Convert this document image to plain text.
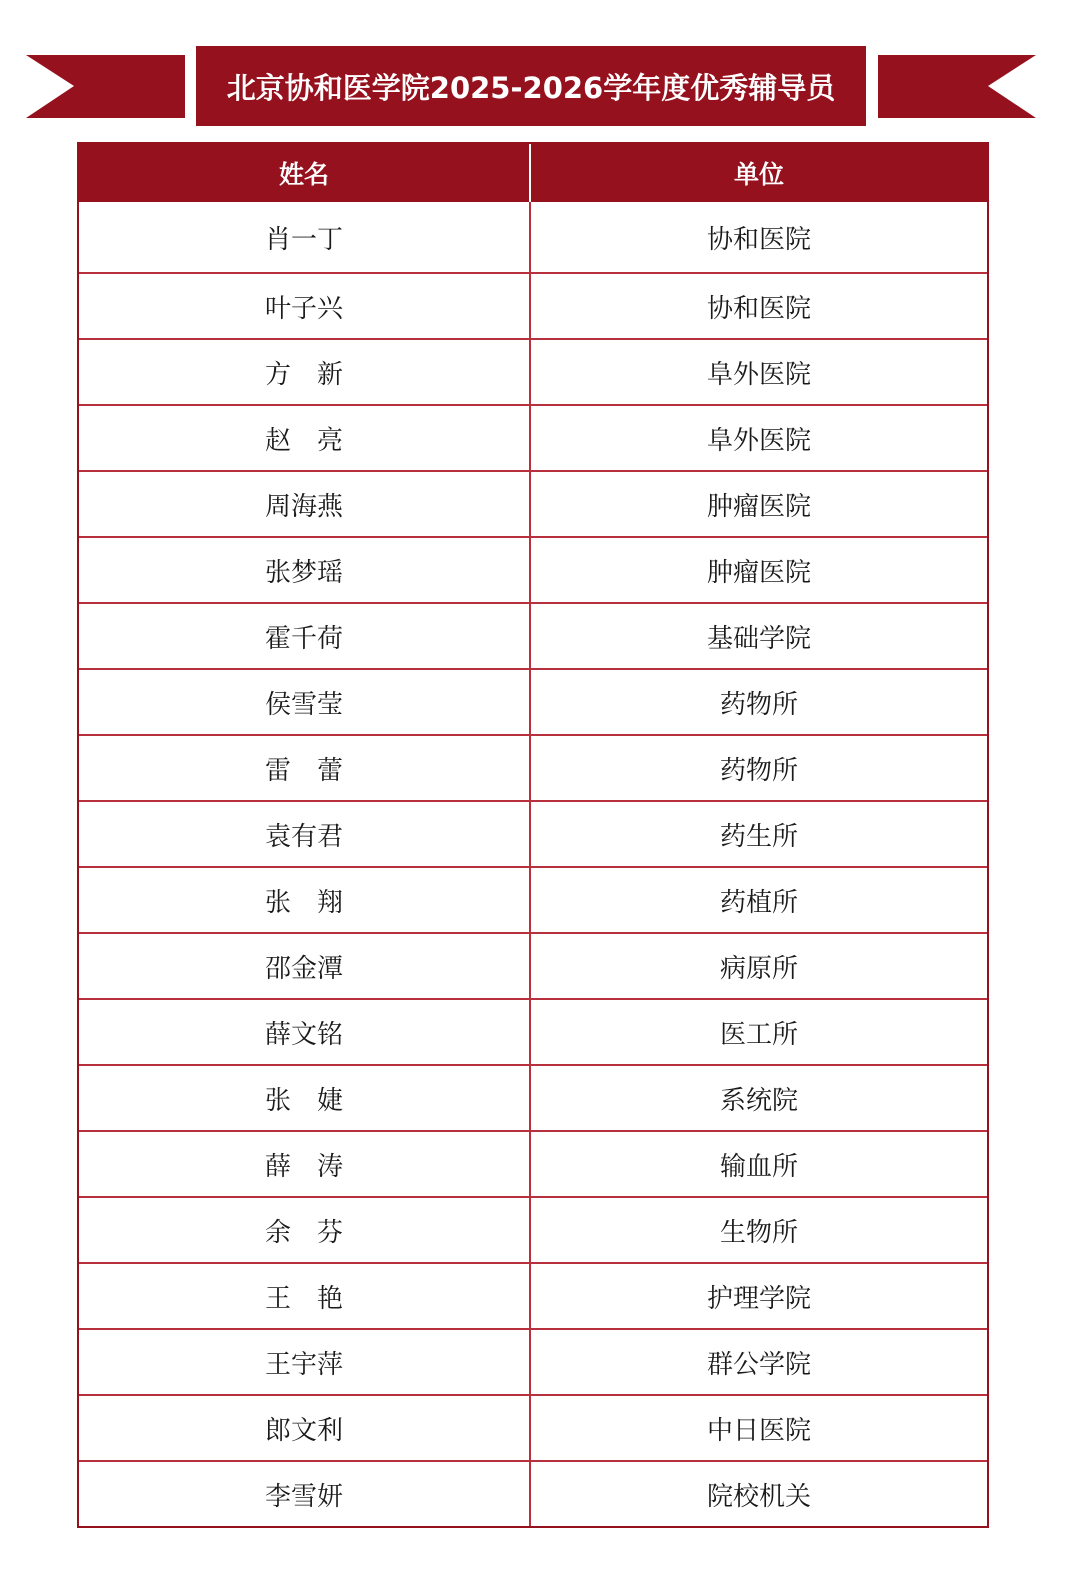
北京协和医学院2025-2026学年度优秀辅导员
姓名	单位
肖一丁	协和医院
叶子兴	协和医院
方　新	阜外医院
赵　亮	阜外医院
周海燕	肿瘤医院
张梦瑶	肿瘤医院
霍千荷	基础学院
侯雪莹	药物所
雷　蕾	药物所
袁有君	药生所
张　翔	药植所
邵金潭	病原所
薛文铭	医工所
张　婕	系统院
薛　涛	输血所
余　芬	生物所
王　艳	护理学院
王宇萍	群公学院
郎文利	中日医院
李雪妍	院校机关
